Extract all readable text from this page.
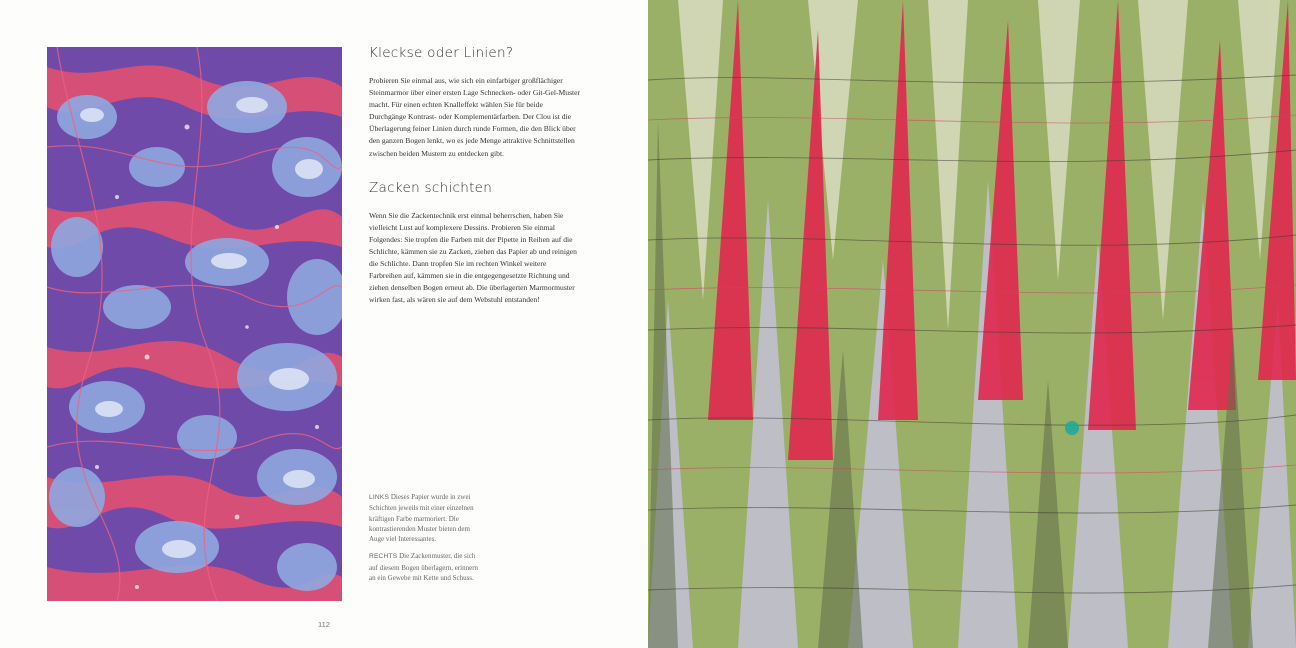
Kleckse oder Linien?

Probieren Sie einmal aus, wie sich ein einfarbiger großflächiger Steinmarmor über einer ersten Lage Schnecken- oder Git-Gel-Muster macht. Für einen echten Knalleffekt wählen Sie für beide Durchgänge Kontrast- oder Komplementärfarben. Der Clou ist die Überlagerung feiner Linien durch runde Formen, die den Blick über den ganzen Bogen lenkt, wo es jede Menge attraktive Schnittstellen zwischen beiden Mustern zu entdecken gibt.

Zacken schichten

Wenn Sie die Zackentechnik erst einmal beherrschen, haben Sie vielleicht Lust auf komplexere Dessins. Probieren Sie einmal Folgendes: Sie tropfen die Farben mit der Pipette in Reihen auf die Schlichte, kämmen sie zu Zacken, ziehen das Papier ab und reinigen die Schlichte. Dann tropfen Sie im rechten Winkel weitere Farbreihen auf, kämmen sie in die entgegengesetzte Richtung und ziehen denselben Bogen erneut ab. Die überlagerten Marmormuster wirken fast, als wären sie auf dem Webstuhl entstanden!

LINKS Dieses Papier wurde in zwei Schichten jeweils mit einer einzelnen kräftigen Farbe marmoriert. Die kontrastierenden Muster bieten dem Auge viel Interessantes.

RECHTS Die Zackenmuster, die sich auf diesem Bogen überlagern, erinnern an ein Gewebe mit Kette und Schuss.

112
